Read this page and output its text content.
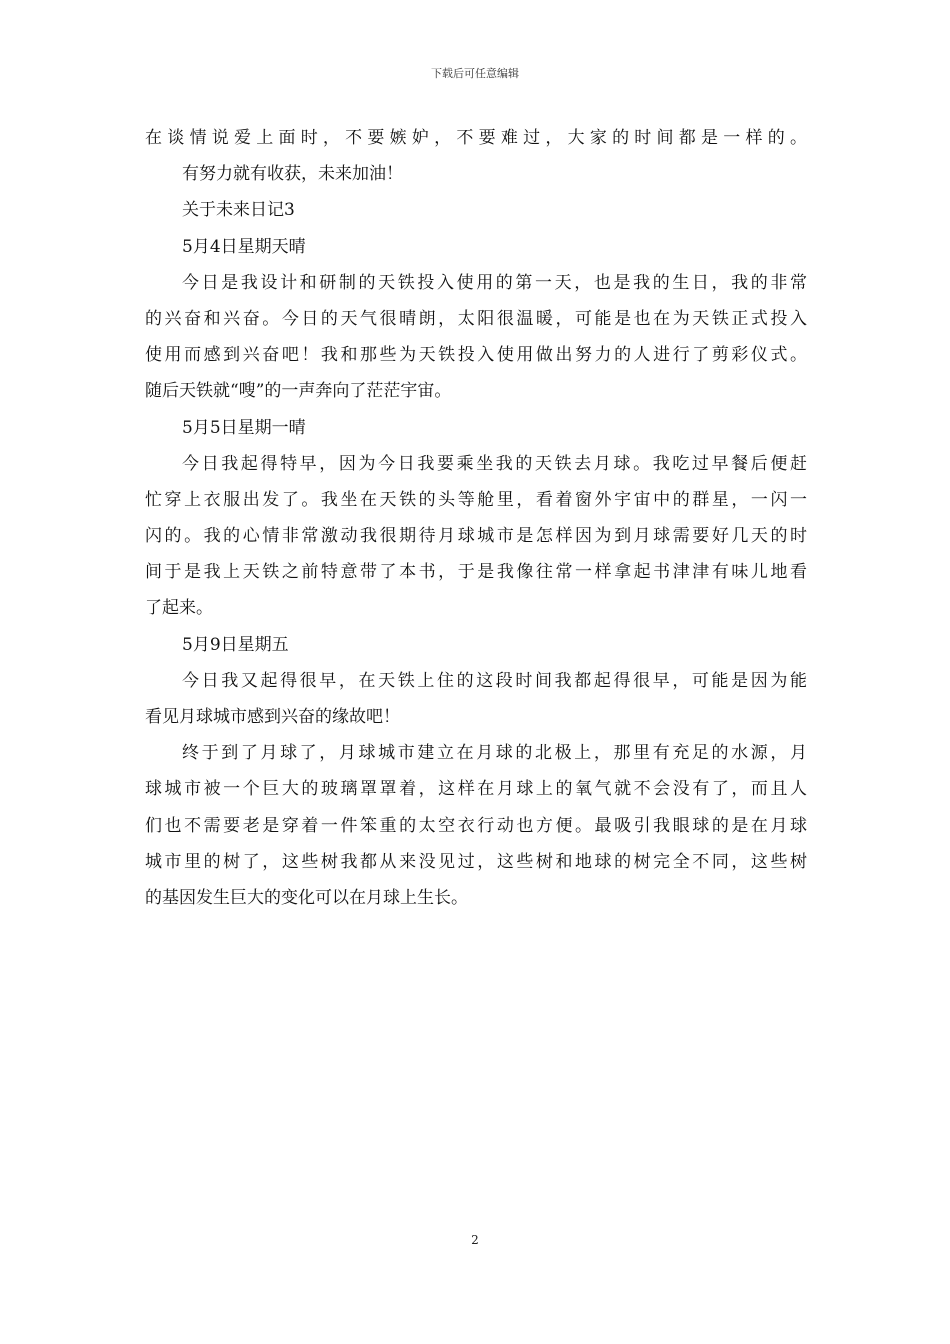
下载后可任意编辑
在谈情说爱上面时，不要嫉妒，不要难过，大家的时间都是一样的。
有努力就有收获，未来加油！
关于未来日记3
5月4日星期天晴
今日是我设计和研制的天铁投入使用的第一天，也是我的生日，我的非常
的兴奋和兴奋。今日的天气很晴朗，太阳很温暖，可能是也在为天铁正式投入
使用而感到兴奋吧！我和那些为天铁投入使用做出努力的人进行了剪彩仪式。
随后天铁就“嗖”的一声奔向了茫茫宇宙。
5月5日星期一晴
今日我起得特早，因为今日我要乘坐我的天铁去月球。我吃过早餐后便赶
忙穿上衣服出发了。我坐在天铁的头等舱里，看着窗外宇宙中的群星，一闪一
闪的。我的心情非常激动我很期待月球城市是怎样因为到月球需要好几天的时
间于是我上天铁之前特意带了本书，于是我像往常一样拿起书津津有味儿地看
了起来。
5月9日星期五
今日我又起得很早，在天铁上住的这段时间我都起得很早，可能是因为能
看见月球城市感到兴奋的缘故吧！
终于到了月球了，月球城市建立在月球的北极上，那里有充足的水源，月
球城市被一个巨大的玻璃罩罩着，这样在月球上的氧气就不会没有了，而且人
们也不需要老是穿着一件笨重的太空衣行动也方便。最吸引我眼球的是在月球
城市里的树了，这些树我都从来没见过，这些树和地球的树完全不同，这些树
的基因发生巨大的变化可以在月球上生长。
2
